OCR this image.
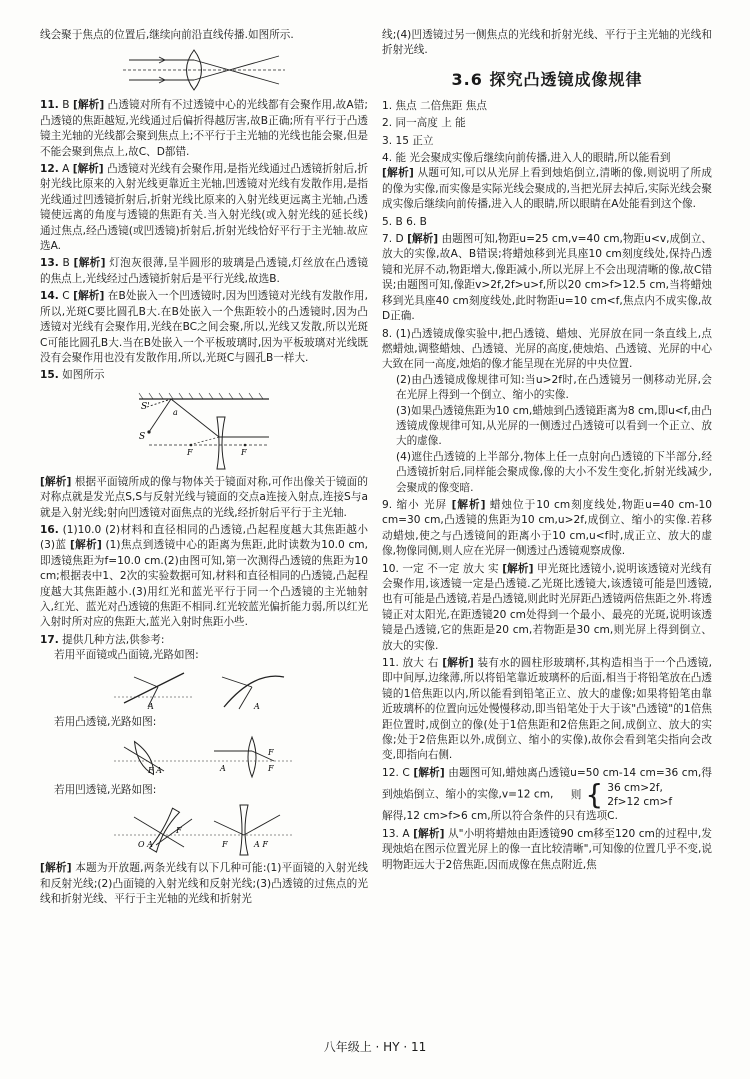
线会聚于焦点的位置后,继续向前沿直线传播.如图所示.
11. B [解析] 凸透镜对所有不过透镜中心的光线都有会聚作用,故A错;凸透镜的焦距越短,光线通过后偏折得越厉害,故B正确;所有平行于凸透镜主光轴的光线都会聚到焦点上;不平行于主光轴的光线也能会聚,但是不能会聚到焦点上,故C、D都错.
12. A [解析] 凸透镜对光线有会聚作用,是指光线通过凸透镜折射后,折射光线比原来的入射光线更靠近主光轴,凹透镜对光线有发散作用,是指光线通过凹透镜折射后,折射光线比原来的入射光线更远离主光轴,凸透镜使远离的角度与透镜的焦距有关.当入射光线(或入射光线的延长线)通过焦点,经凸透镜(或凹透镜)折射后,折射光线恰好平行于主光轴.故应选A.
13. B [解析] 灯泡灰很薄,呈半圆形的玻璃是凸透镜,灯丝放在凸透镜的焦点上,光线经过凸透镜折射后是平行光线,故选B.
14. C [解析] 在B处嵌入一个凹透镜时,因为凹透镜对光线有发散作用,所以,光斑C要比圆孔B大.在B处嵌入一个焦距较小的凸透镜时,因为凸透镜对光线有会聚作用,光线在BC之间会聚,所以,光线又发散,所以光斑C可能比圆孔B大.当在B处嵌入一个平板玻璃时,因为平板玻璃对光线既没有会聚作用也没有发散作用,所以,光斑C与圆孔B一样大.
15. 如图所示
S'
S
a
F	F
[解析] 根据平面镜所成的像与物体关于镜面对称,可作出像关于镜面的对称点就是发光点S,S与反射光线与镜面的交点a连接入射点,连接S与a就是入射光线;射向凹透镜对面焦点的光线,经折射后平行于主光轴.
16. (1)10.0 (2)材料和直径相同的凸透镜,凸起程度越大其焦距越小 (3)蓝 [解析] (1)焦点到透镜中心的距离为焦距,此时读数为10.0 cm,即透镜焦距为f=10.0 cm.(2)由图可知,第一次测得凸透镜的焦距为10 cm;根据表中1、2次的实验数据可知,材料和直径相同的凸透镜,凸起程度越大其焦距越小.(3)用红光和蓝光平行于同一个凸透镜的主光轴射入,红光、蓝光对凸透镜的焦距不相同.红光较蓝光偏折能力弱,所以红光入射时所对应的焦距大,蓝光入射时焦距小些.
17. 提供几种方法,供参考:

若用平面镜或凸面镜,光路如图:

A	A
若用凸透镜,光路如图:
F A	A
F
F
若用凹透镜,光路如图:
O A
F
F	A F
[解析] 本题为开放题,两条光线有以下几种可能:(1)平面镜的入射光线和反射光线;(2)凸面镜的入射光线和反射光线;(3)凸透镜的过焦点的光线和折射光线、平行于主光轴的光线和折射光
线;(4)凹透镜过另一侧焦点的光线和折射光线、平行于主光轴的光线和折射光线.
3.6 探究凸透镜成像规律
1. 焦点 二倍焦距 焦点
2. 同一高度 上 能
3. 15 正立

4. 能 光会聚成实像后继续向前传播,进入人的眼睛,所以能看到

[解析] 从题可知,可以从光屏上看到烛焰倒立,清晰的像,则说明了所成的像为实像,而实像是实际光线会聚成的,当把光屏去掉后,实际光线会聚成实像后继续向前传播,进入人的眼睛,所以眼睛在A处能看到这个像.

5. B 6. B
7. D [解析] 由题图可知,物距u=25 cm,v=40 cm,物距u<v,成倒立、放大的实像,故A、B错误;将蜡烛移到光具座10 cm刻度线处,保持凸透镜和光屏不动,物距增大,像距减小,所以光屏上不会出现清晰的像,故C错误;由题图可知,像距v>2f,2f>u>f,所以20 cm>f>12.5 cm,当将蜡烛移到光具座40 cm刻度线处,此时物距u=10 cm<f,焦点内不成实像,故D正确.

8. (1)凸透镜成像实验中,把凸透镜、蜡烛、光屏放在同一条直线上,点燃蜡烛,调整蜡烛、凸透镜、光屏的高度,使烛焰、凸透镜、光屏的中心大致在同一高度,烛焰的像才能呈现在光屏的中央位置.

(2)由凸透镜成像规律可知:当u>2f时,在凸透镜另一侧移动光屏,会在光屏上得到一个倒立、缩小的实像.

(3)如果凸透镜焦距为10 cm,蜡烛到凸透镜距离为8 cm,即u<f,由凸透镜成像规律可知,从光屏的一侧透过凸透镜可以看到一个正立、放大的虚像.

(4)遮住凸透镜的上半部分,物体上任一点射向凸透镜的下半部分,经凸透镜折射后,同样能会聚成像,像的大小不发生变化,折射光线减少,会聚成的像变暗.

9. 缩小 光屏 [解析] 蜡烛位于10 cm刻度线处,物距u=40 cm-10 cm=30 cm,凸透镜的焦距为10 cm,u>2f,成倒立、缩小的实像.若移动蜡烛,使之与凸透镜间的距离小于10 cm,u<f时,成正立、放大的虚像,物像同侧,则人应在光屏一侧透过凸透镜观察成像.
10. 一定 不一定 放大 实 [解析] 甲光斑比透镜小,说明该透镜对光线有会聚作用,该透镜一定是凸透镜.乙光斑比透镜大,该透镜可能是凹透镜,也有可能是凸透镜,若是凸透镜,则此时光屏距凸透镜两倍焦距之外.将透镜正对太阳光,在距透镜20 cm处得到一个最小、最亮的光斑,说明该透镜是凸透镜,它的焦距是20 cm,若物距是30 cm,则光屏上得到倒立、放大的实像.
11. 放大 右 [解析] 装有水的圆柱形玻璃杯,其构造相当于一个凸透镜,即中间厚,边缘薄,所以将铅笔靠近玻璃杯的后面,相当于将铅笔放在凸透镜的1倍焦距以内,所以能看到铅笔正立、放大的虚像;如果将铅笔由靠近玻璃杯的位置向远处慢慢移动,即当铅笔处于大于该"凸透镜"的1倍焦距位置时,成倒立的像(处于1倍焦距和2倍焦距之间,成倒立、放大的实像;处于2倍焦距以外,成倒立、缩小的实像),故你会看到笔尖指向会改变,即指向右侧.
12. C [解析] 由题图可知,蜡烛离凸透镜u=50 cm-14 cm=36 cm,得到烛焰倒立、缩小的实像,v=12 cm, 则 { 36 cm>2f,
2f>12 cm>f

解得,12 cm>f>6 cm,所以符合条件的只有选项C.

13. A [解析] 从"小明将蜡烛由距透镜90 cm移至120 cm的过程中,发现烛焰在图示位置光屏上的像一直比较清晰",可知像的位置几乎不变,说明物距远大于2倍焦距,因而成像在焦点附近,焦
八年级上 · HY · 11
